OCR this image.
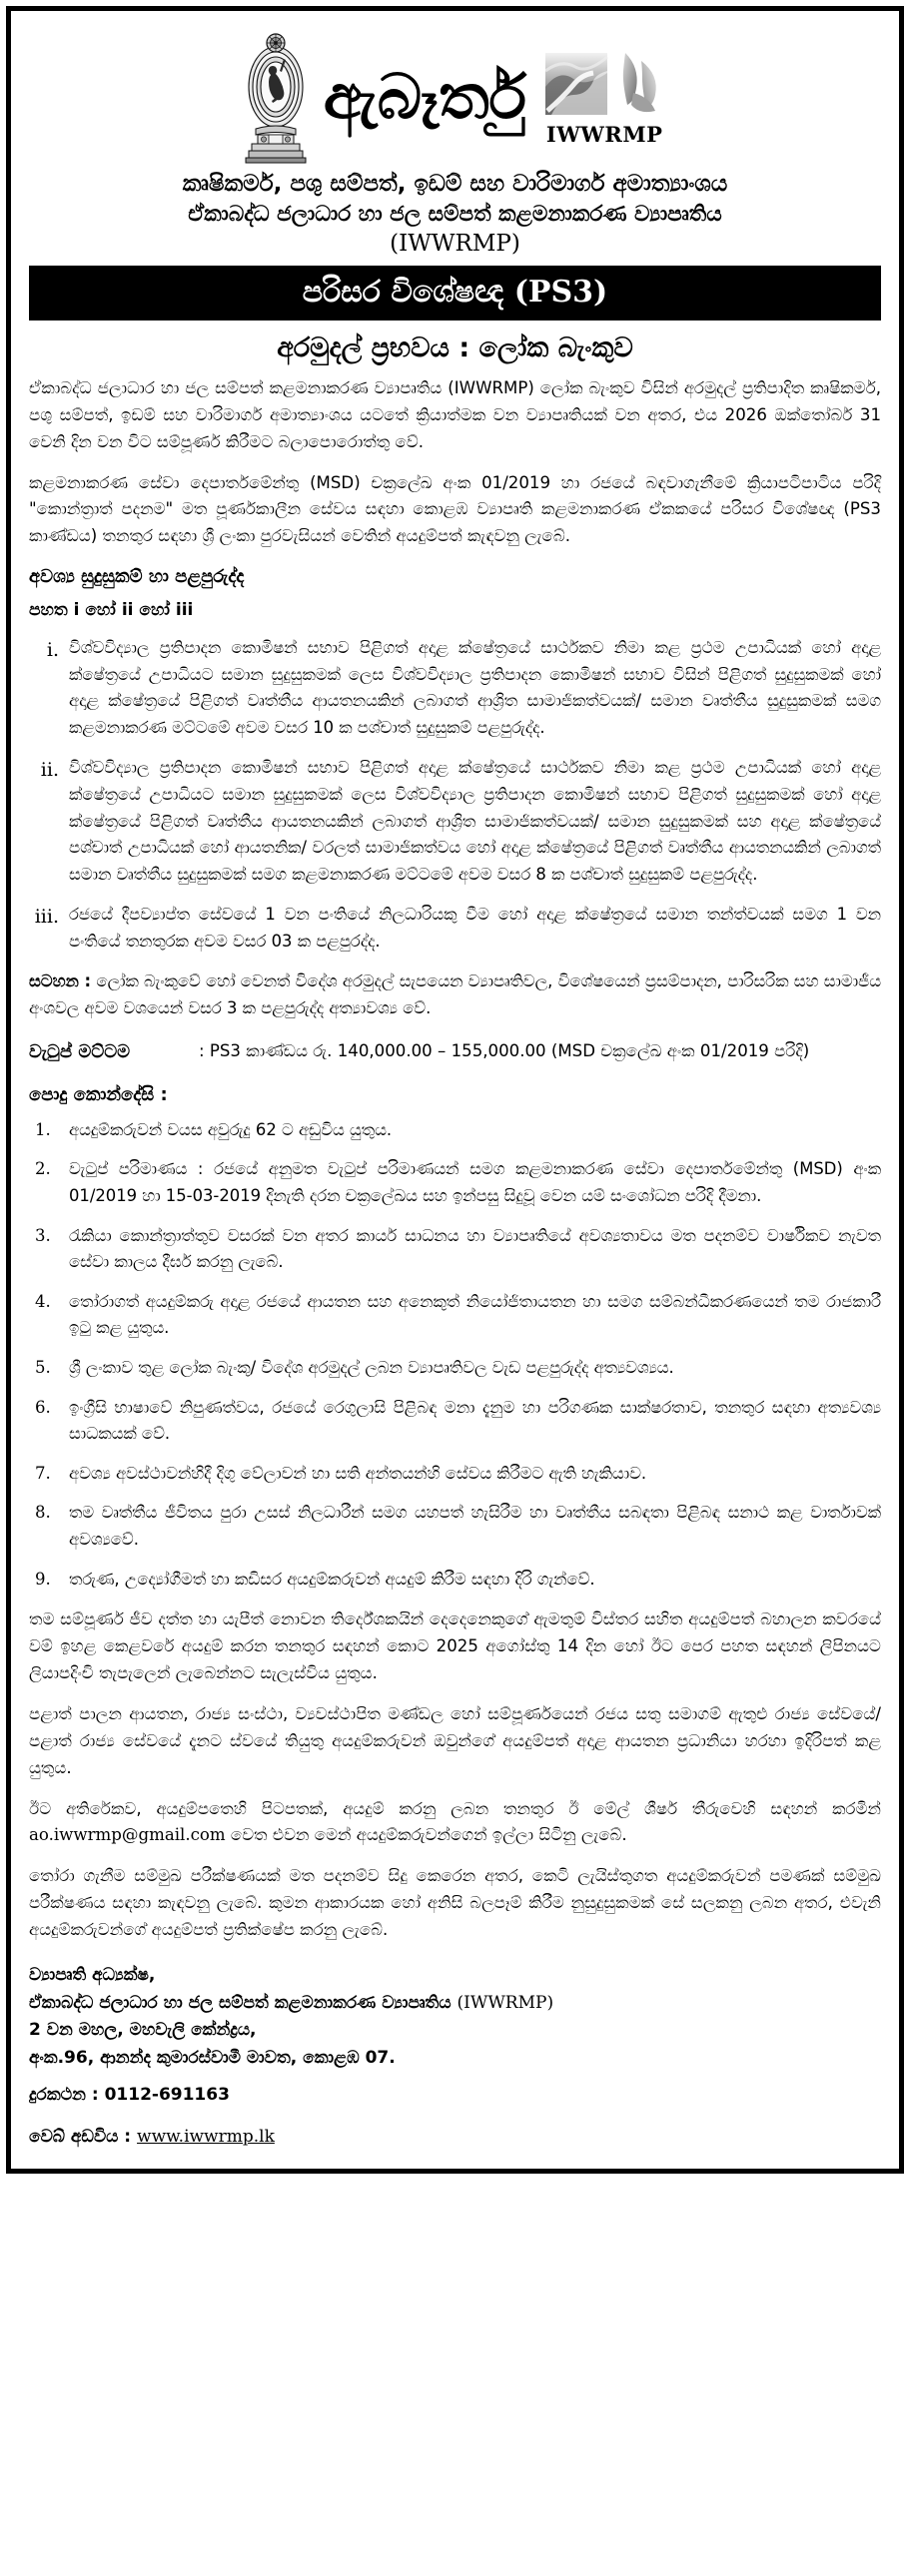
ඇබෑර්තු
IWWRMP
කෘෂිකර්ම, පශු සම්පත්, ඉඩම් සහ වාරිමාර්ග අමාත්‍යාංශය
ඒකාබද්ධ ජලාධාර හා ජල සම්පත් කළමනාකරණ ව්‍යාපෘතිය
(IWWRMP)
පරිසර විශේෂඥ (PS3)
අරමුදල් ප්‍රභවය : ලෝක බැංකුව

ඒකාබද්ධ ජලාධාර හා ජල සම්පත් කළමනාකරණ ව්‍යාපෘතිය (IWWRMP) ලෝක බැංකුව විසින් අරමුදල් ප්‍රතිපාදිත කෘෂිකර්ම, පශු සම්පත්, ඉඩම් සහ වාරිමාර්ග අමාත්‍යාංශය යටතේ ක්‍රියාත්මක වන ව්‍යාපෘතියක් වන අතර, එය 2026 ඔක්තෝබර් 31 වෙනි දින වන විට සම්පූර්ණ කිරීමට බලාපොරොත්තු වේ.

කළමනාකරණ සේවා දෙපාර්තමේන්තු (MSD) චක්‍රලේඛ අංක 01/2019 හා රජයේ බඳවාගැනීමේ ක්‍රියාපටිපාටිය පරිදි "කොන්ත්‍රාත් පදනම" මත පූර්ණකාලීන සේවය සඳහා කොළඹ ව්‍යාපෘති කළමනාකරණ ඒකකයේ පරිසර විශේෂඥ (PS3 කාණ්ඩය) තනතුර සඳහා ශ්‍රී ලංකා පුරවැසියන් වෙතින් අයදුම්පත් කැඳවනු ලැබේ.

අවශ්‍ය සුදුසුකම් හා පළපුරුද්ද
පහත i හෝ ii හෝ iii
i. විශ්වවිද්‍යාල ප්‍රතිපාදන කොමිෂන් සභාව පිළිගත් අදාළ ක්ෂේත්‍රයේ සාර්ථකව නිමා කළ ප්‍රථම උපාධියක් හෝ අදාළ ක්ෂේත්‍රයේ උපාධියට සමාන සුදුසුකමක් ලෙස විශ්වවිද්‍යාල ප්‍රතිපාදන කොමිෂන් සභාව විසින් පිළිගත් සුදුසුකමක් හෝ අදාළ ක්ෂේත්‍රයේ පිළිගත් වෘත්තීය ආයතනයකින් ලබාගත් ආශ්‍රිත සාමාජිකත්වයක්/ සමාන වෘත්තීය සුදුසුකමක් සමග කළමනාකරණ මට්ටමේ අවම වසර 10 ක පශ්චාත් සුදුසුකම් පළපුරුද්ද.
ii. විශ්වවිද්‍යාල ප්‍රතිපාදන කොමිෂන් සභාව පිළිගත් අදාළ ක්ෂේත්‍රයේ සාර්ථකව නිමා කළ ප්‍රථම උපාධියක් හෝ අදාළ ක්ෂේත්‍රයේ උපාධියට සමාන සුදුසුකමක් ලෙස විශ්වවිද්‍යාල ප්‍රතිපාදන කොමිෂන් සභාව පිළිගත් සුදුසුකමක් හෝ අදාළ ක්ෂේත්‍රයේ පිළිගත් වෘත්තීය ආයතනයකින් ලබාගත් ආශ්‍රිත සාමාජිකත්වයක්/ සමාන සුදුසුකමක් සහ අදාළ ක්ෂේත්‍රයේ පශ්චාත් උපාධියක් හෝ ආයතනික/ වරලත් සාමාජිකත්වය හෝ අදාළ ක්ෂේත්‍රයේ පිළිගත් වෘත්තීය ආයතනයකින් ලබාගත් සමාන වෘත්තීය සුදුසුකමක් සමග කළමනාකරණ මට්ටමේ අවම වසර 8 ක පශ්චාත් සුදුසුකම් පළපුරුද්ද.
iii. රජයේ දීපව්‍යාප්ත සේවයේ 1 වන පංතියේ නිලධාරියකු වීම හෝ අදාළ ක්ෂේත්‍රයේ සමාන තන්ත්වයක් සමග 1 වන පංතියේ තනතුරක අවම වසර 03 ක පළපුරද්ද.
සටහන : ලෝක බැංකුවේ හෝ වෙනත් විදේශ අරමුදල් සැපයෙන ව්‍යාපෘතිවල, විශේෂයෙන් ප්‍රසම්පාදන, පාරිසරික සහ සාමාජීය අංශවල අවම වශයෙන් වසර 3 ක පළපුරුද්ද අත්‍යාවශ්‍ය වේ.
වැටුප් මට්ටම	: PS3 කාණ්ඩය රු. 140,000.00 – 155,000.00 (MSD චක්‍රලේඛ අංක 01/2019 පරිදි)
පොදු කොන්දේසි :
1.	අයදුම්කරුවන් වයස අවුරුදු 62 ට අඩුවිය යුතුය.
2.	වැටුප් පරිමාණය : රජයේ අනුමත වැටුප් පරිමාණයන් සමග කළමනාකරණ සේවා දෙපාර්තමේන්තු (MSD) අංක 01/2019 හා 15-03-2019 දිනැති දරන චක්‍රලේඛය සහ ඉන්පසු සිදුවූ වෙන යම් සංශෝධන පරිදි දීමනා.
3.	රැකියා කොන්ත්‍රාත්තුව වසරක් වන අතර කාර්ය සාධනය හා ව්‍යාපෘතියේ අවශ්‍යතාවය මත පදනම්ව වාර්ෂිකව නැවත සේවා කාලය දීර්ඝ කරනු ලැබේ.
4.	තෝරාගත් අයදුම්කරු අදාළ රජයේ ආයතන සහ අනෙකුත් නියෝජිතායතන හා සමග සම්බන්ධීකරණයෙන් තම රාජකාරී ඉටු කළ යුතුය.
5.	ශ්‍රී ලංකාව තුළ ලෝක බැංකු/ විදේශ අරමුදල් ලබන ව්‍යාපෘතිවල වැඩ පළපුරුද්ද අත්‍යවශ්‍යය.
6.	ඉංග්‍රීසි භාෂාවේ නිපුණත්වය, රජයේ රෙගුලාසි පිළිබඳ මනා දැනුම හා පරිගණක සාක්ෂරතාව, තනතුර සඳහා අත්‍යවශ්‍ය සාධකයක් වේ.
7.	අවශ්‍ය අවස්ථාවන්හිදී දිගු වේලාවන් හා සති අන්තයන්හි සේවය කිරීමට ඇති හැකියාව.
8.	තම වෘත්තීය ජීවිතය පුරා උසස් නිලධාරීන් සමග යහපත් හැසිරීම හා වෘත්තීය සබඳතා පිළිබඳ සනාථ කළ වාර්තාවක් අවශ්‍යවේ.
9.	තරුණ, උද්‍යෝගීමත් හා කඩිසර අයදුම්කරුවන් අයදුම් කිරීම සඳහා දිරි ගැන්වේ.

තම සම්පූර්ණ ජීව දත්ත හා යැපීත් නොවන තිර්දේශකයින් දෙදෙනෙකුගේ ඇමතුම් විස්තර සහිත අයදුම්පත් බහාලන කවරයේ වම් ඉහළ කෙළවරේ අයදුම් කරන තනතුර සඳහන් කොට 2025 අගෝස්තු 14 දින හෝ ඊට පෙර පහත සඳහන් ලිපිනයට ලියාපදිංචි තැපැලෙන් ලැබෙන්නට සැලැස්විය යුතුය.

පළාත් පාලන ආයතන, රාජ්‍ය සංස්ථා, ව්‍යවස්ථාපිත මණ්ඩල හෝ සම්පූර්ණයෙන් රජය සතු සමාගම් ඇතුළු රාජ්‍ය සේවයේ/ පළාත් රාජ්‍ය සේවයේ දැනට ස්වයේ තියුතු අයදුම්කරුවන් ඔවුන්ගේ අයදුම්පත් අදාළ ආයතන ප්‍රධානියා හරහා ඉදිරිපත් කළ යුතුය.

ඊට අතිරේකව, අයදුම්පතෙහි පිටපතක්, අයදුම් කරනු ලබන තනතුර ඊ මේල් ශීර්ෂ තීරුවෙහි සඳහන් කරමින් ao.iwwrmp@gmail.com වෙත එවන මෙන් අයදුම්කරුවන්ගෙන් ඉල්ලා සිටිනු ලැබේ.

තෝරා ගැනීම සම්මුඛ පරීක්ෂණයක් මත පදනම්ව සිදු කෙරෙන අතර, කෙටි ලැයිස්තුගත අයදුම්කරුවන් පමණක් සම්මුඛ පරීක්ෂණය සඳහා කැඳවනු ලැබේ. කුමන ආකාරයක හෝ අනිසි බලපෑම් කිරීම නුසුදුසුකමක් සේ සලකනු ලබන අතර, එවැනි අයදුම්කරුවන්ගේ අයදුම්පත් ප්‍රතික්ෂේප කරනු ලැබේ.

ව්‍යාපෘති අධ්‍යක්ෂ,
ඒකාබද්ධ ජලාධාර හා ජල සම්පත් කළමනාකරණ ව්‍යාපෘතිය (IWWRMP)
2 වන මහල, මහවැලි කේන්ද්‍රය,
අංක.96, ආනන්ද කුමාරස්වාමී මාවත, කොළඹ 07.
දුරකථන : 0112-691163
වෙබ් අඩවිය : www.iwwrmp.lk
